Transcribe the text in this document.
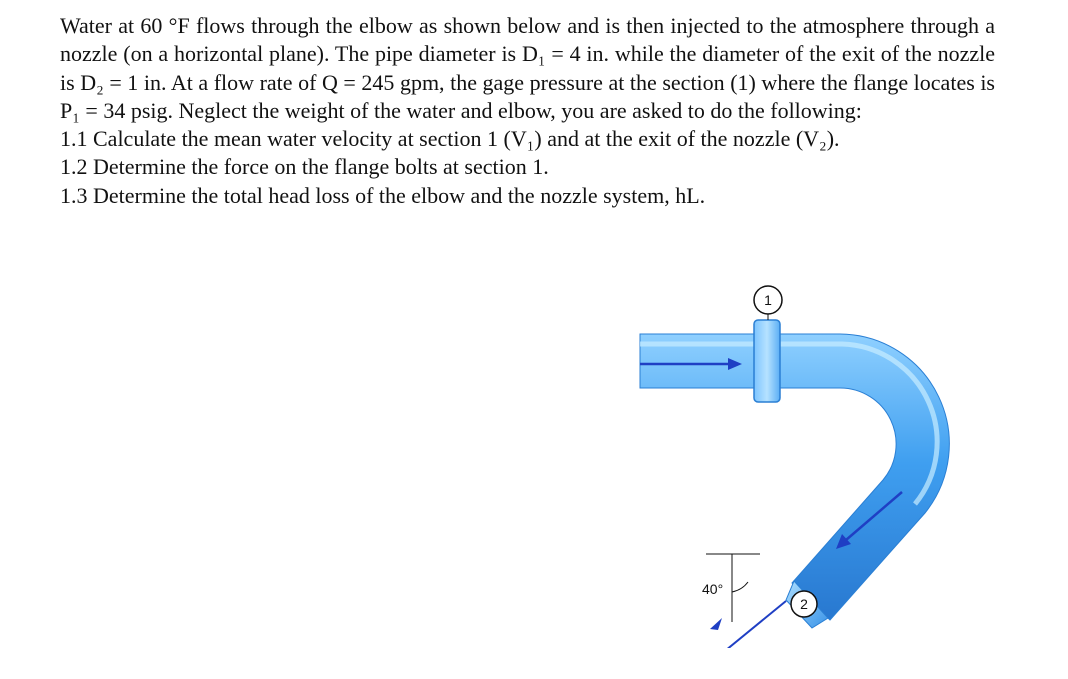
Water at 60 °F flows through the elbow as shown below and is then injected to the atmosphere through a nozzle (on a horizontal plane). The pipe diameter is D₁ = 4 in. while the diameter of the exit of the nozzle is D₂ = 1 in. At a flow rate of Q = 245 gpm, the gage pressure at the section (1) where the flange locates is P₁ = 34 psig. Neglect the weight of the water and elbow, you are asked to do the following:

1.1 Calculate the mean water velocity at section 1 (V₁) and at the exit of the nozzle (V₂).

1.2 Determine the force on the flange bolts at section 1.

1.3 Determine the total head loss of the elbow and the nozzle system, hL.

1
40°
2
